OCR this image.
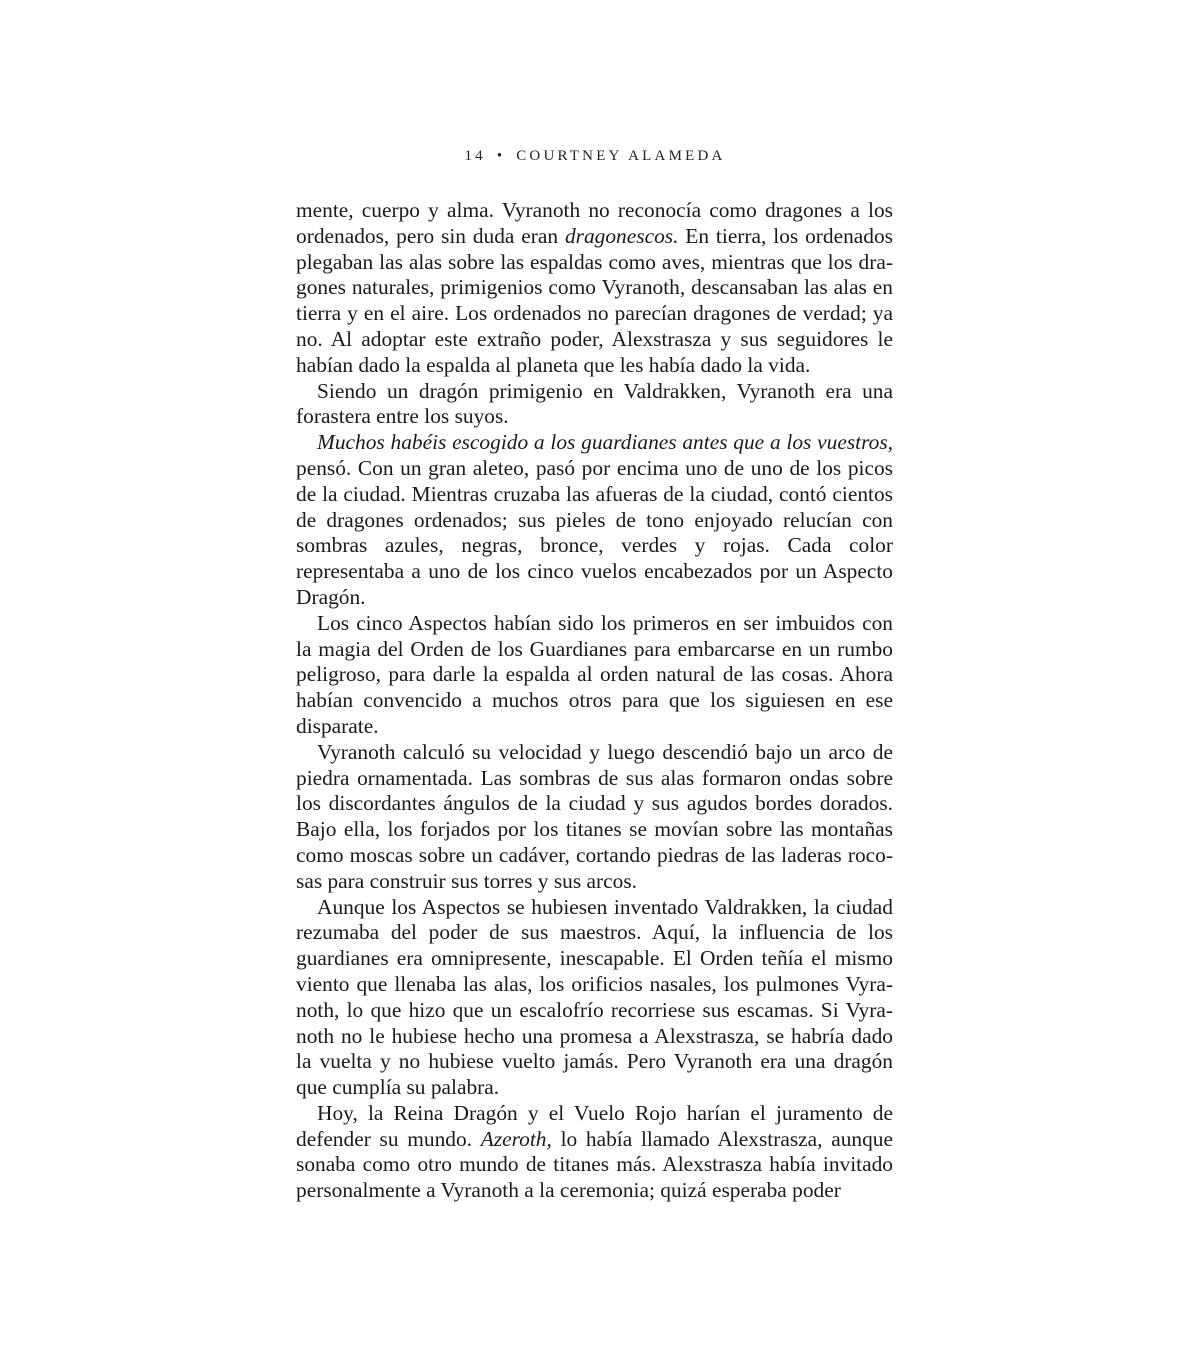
14 • COURTNEY ALAMEDA

mente, cuerpo y alma. Vyranoth no reconocía como dragones a los ordenados, pero sin duda eran dragonescos. En tierra, los ordenados plegaban las alas sobre las espaldas como aves, mientras que los dragones naturales, primigenios como Vyranoth, descansaban las alas en tierra y en el aire. Los ordenados no parecían dragones de verdad; ya no. Al adoptar este extraño poder, Alexstrasza y sus seguidores le habían dado la espalda al planeta que les había dado la vida.

Siendo un dragón primigenio en Valdrakken, Vyranoth era una forastera entre los suyos.

Muchos habéis escogido a los guardianes antes que a los vuestros, pensó. Con un gran aleteo, pasó por encima uno de uno de los picos de la ciudad. Mientras cruzaba las afueras de la ciudad, contó cientos de dragones ordenados; sus pieles de tono enjoyado relucían con sombras azules, negras, bronce, verdes y rojas. Cada color representaba a uno de los cinco vuelos encabezados por un Aspecto Dragón.

Los cinco Aspectos habían sido los primeros en ser imbuidos con la magia del Orden de los Guardianes para embarcarse en un rumbo peligroso, para darle la espalda al orden natural de las cosas. Ahora habían convencido a muchos otros para que los siguiesen en ese disparate.

Vyranoth calculó su velocidad y luego descendió bajo un arco de piedra ornamentada. Las sombras de sus alas formaron ondas sobre los discordantes ángulos de la ciudad y sus agudos bordes dorados. Bajo ella, los forjados por los titanes se movían sobre las montañas como moscas sobre un cadáver, cortando piedras de las laderas rocosas para construir sus torres y sus arcos.

Aunque los Aspectos se hubiesen inventado Valdrakken, la ciudad rezumaba del poder de sus maestros. Aquí, la influencia de los guardianes era omnipresente, inescapable. El Orden teñía el mismo viento que llenaba las alas, los orificios nasales, los pulmones Vyranoth, lo que hizo que un escalofrío recorriese sus escamas. Si Vyranoth no le hubiese hecho una promesa a Alexstrasza, se habría dado la vuelta y no hubiese vuelto jamás. Pero Vyranoth era una dragón que cumplía su palabra.

Hoy, la Reina Dragón y el Vuelo Rojo harían el juramento de defender su mundo. Azeroth, lo había llamado Alexstrasza, aunque sonaba como otro mundo de titanes más. Alexstrasza había invitado personalmente a Vyranoth a la ceremonia; quizá esperaba poder
